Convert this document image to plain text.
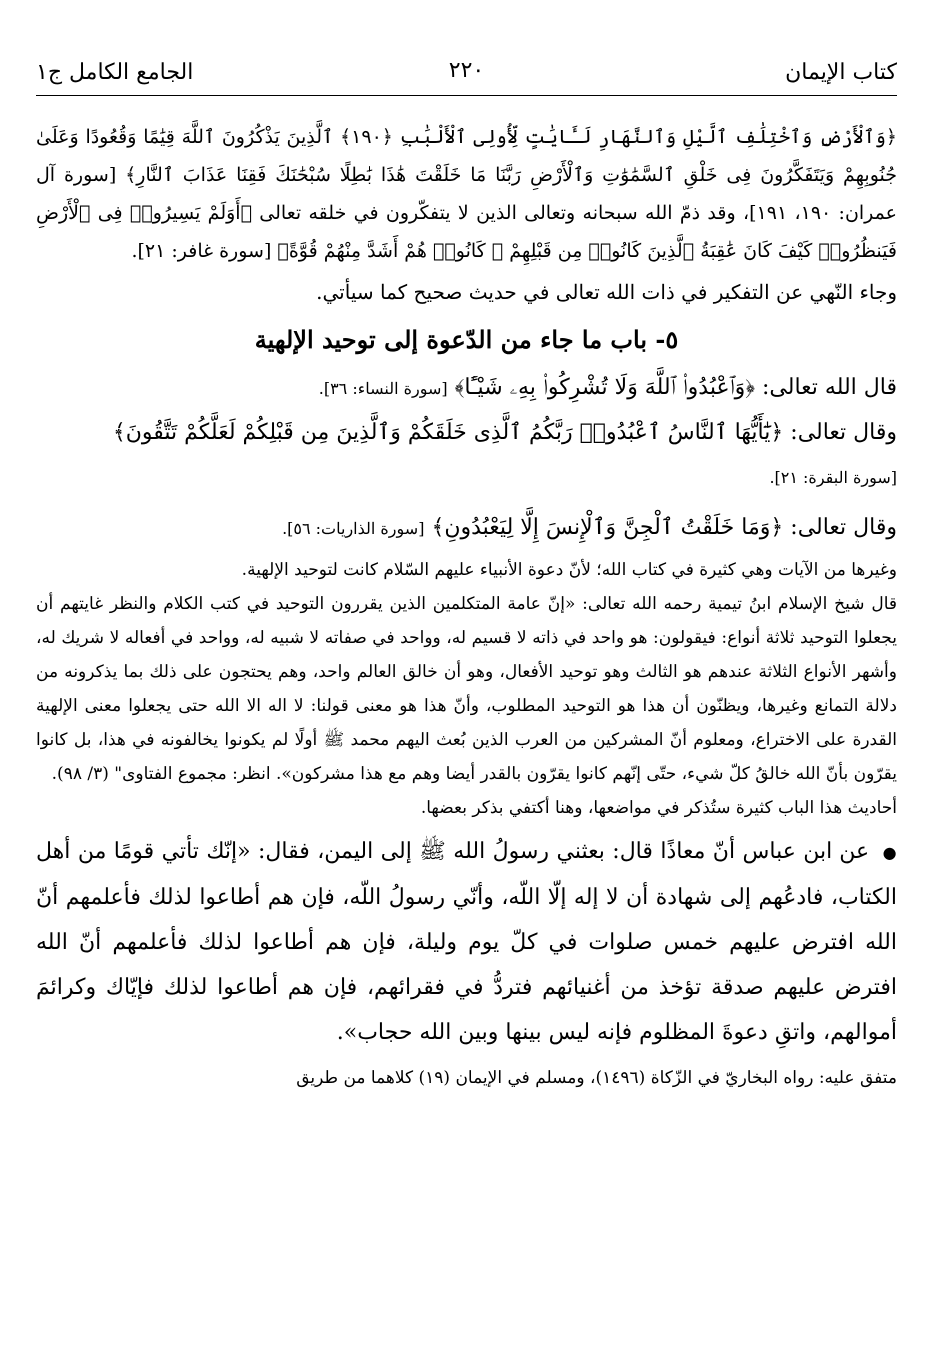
كتاب الإيمان
٢٢٠
الجامع الكامل ج١

﴿وَٱلْأَرْضِ وَٱخْتِلَٰفِ ٱلَّيْلِ وَٱلنَّهَارِ لَـَٔايَٰتٍ لِّأُولِى ٱلْأَلْبَٰبِ ﴿١٩٠﴾ ٱلَّذِينَ يَذْكُرُونَ ٱللَّهَ قِيَٰمًا وَقُعُودًا وَعَلَىٰ جُنُوبِهِمْ وَيَتَفَكَّرُونَ فِى خَلْقِ ٱلسَّمَٰوَٰتِ وَٱلْأَرْضِ رَبَّنَا مَا خَلَقْتَ هَٰذَا بَٰطِلًا سُبْحَٰنَكَ فَقِنَا عَذَابَ ٱلنَّارِ﴾ [سورة آل عمران: ١٩٠، ١٩١]، وقد ذمّ الله سبحانه وتعالى الذين لا يتفكّرون في خلقه تعالى ﴿أَوَلَمْ يَسِيرُوا۟ فِى ٱلْأَرْضِ فَيَنظُرُوا۟ كَيْفَ كَانَ عَٰقِبَةُ ٱلَّذِينَ كَانُوا۟ مِن قَبْلِهِمْ ۚ كَانُوا۟ هُمْ أَشَدَّ مِنْهُمْ قُوَّةً﴾ [سورة غافر: ٢١].

وجاء النّهي عن التفكير في ذات الله تعالى في حديث صحيح كما سيأتي.

٥- باب ما جاء من الدّعوة إلى توحيد الإلهية

قال الله تعالى: ﴿وَٱعْبُدُوا۟ ٱللَّهَ وَلَا تُشْرِكُوا۟ بِهِۦ شَيْـًٔا﴾ [سورة النساء: ٣٦].

وقال تعالى: ﴿يَٰٓأَيُّهَا ٱلنَّاسُ ٱعْبُدُوا۟ رَبَّكُمُ ٱلَّذِى خَلَقَكُمْ وَٱلَّذِينَ مِن قَبْلِكُمْ لَعَلَّكُمْ تَتَّقُونَ﴾
[سورة البقرة: ٢١].

وقال تعالى: ﴿وَمَا خَلَقْتُ ٱلْجِنَّ وَٱلْإِنسَ إِلَّا لِيَعْبُدُونِ﴾ [سورة الذاريات: ٥٦].

وغيرها من الآيات وهي كثيرة في كتاب الله؛ لأنّ دعوة الأنبياء عليهم السّلام كانت لتوحيد الإلهية.

قال شيخ الإسلام ابنُ تيمية رحمه الله تعالى: «إنّ عامة المتكلمين الذين يقررون التوحيد في كتب الكلام والنظر غايتهم أن يجعلوا التوحيد ثلاثة أنواع: فيقولون: هو واحد في ذاته لا قسيم له، وواحد في صفاته لا شبيه له، وواحد في أفعاله لا شريك له، وأشهر الأنواع الثلاثة عندهم هو الثالث وهو توحيد الأفعال، وهو أن خالق العالم واحد، وهم يحتجون على ذلك بما يذكرونه من دلالة التمانع وغيرها، ويظنّون أن هذا هو التوحيد المطلوب، وأنّ هذا هو معنى قولنا: لا اله الا الله حتى يجعلوا معنى الإلهية القدرة على الاختراع، ومعلوم أنّ المشركين من العرب الذين بُعث اليهم محمد ﷺ أولًا لم يكونوا يخالفونه في هذا، بل كانوا يقرّون بأنّ الله خالقُ كلّ شيء، حتّى إنّهم كانوا يقرّون بالقدر أيضا وهم مع هذا مشركون». انظر: مجموع الفتاوى" (٣/ ٩٨).

أحاديث هذا الباب كثيرة ستُذكر في مواضعها، وهنا أكتفي بذكر بعضها.

● عن ابن عباس أنّ معاذًا قال: بعثني رسولُ الله ﷺ إلى اليمن، فقال: «إنّك تأتي قومًا من أهل الكتاب، فادعُهم إلى شهادة أن لا إله إلّا اللّه، وأنّي رسولُ اللّه، فإن هم أطاعوا لذلك فأعلمهم أنّ الله افترض عليهم خمس صلوات في كلّ يوم وليلة، فإن هم أطاعوا لذلك فأعلمهم أنّ الله افترض عليهم صدقة تؤخذ من أغنيائهم فتردُّ في فقرائهم، فإن هم أطاعوا لذلك فإيّاك وكرائمَ أموالهم، واتقِ دعوةَ المظلوم فإنه ليس بينها وبين الله حجاب».

متفق عليه: رواه البخاريّ في الزّكاة (١٤٩٦)، ومسلم في الإيمان (١٩) كلاهما من طريق
